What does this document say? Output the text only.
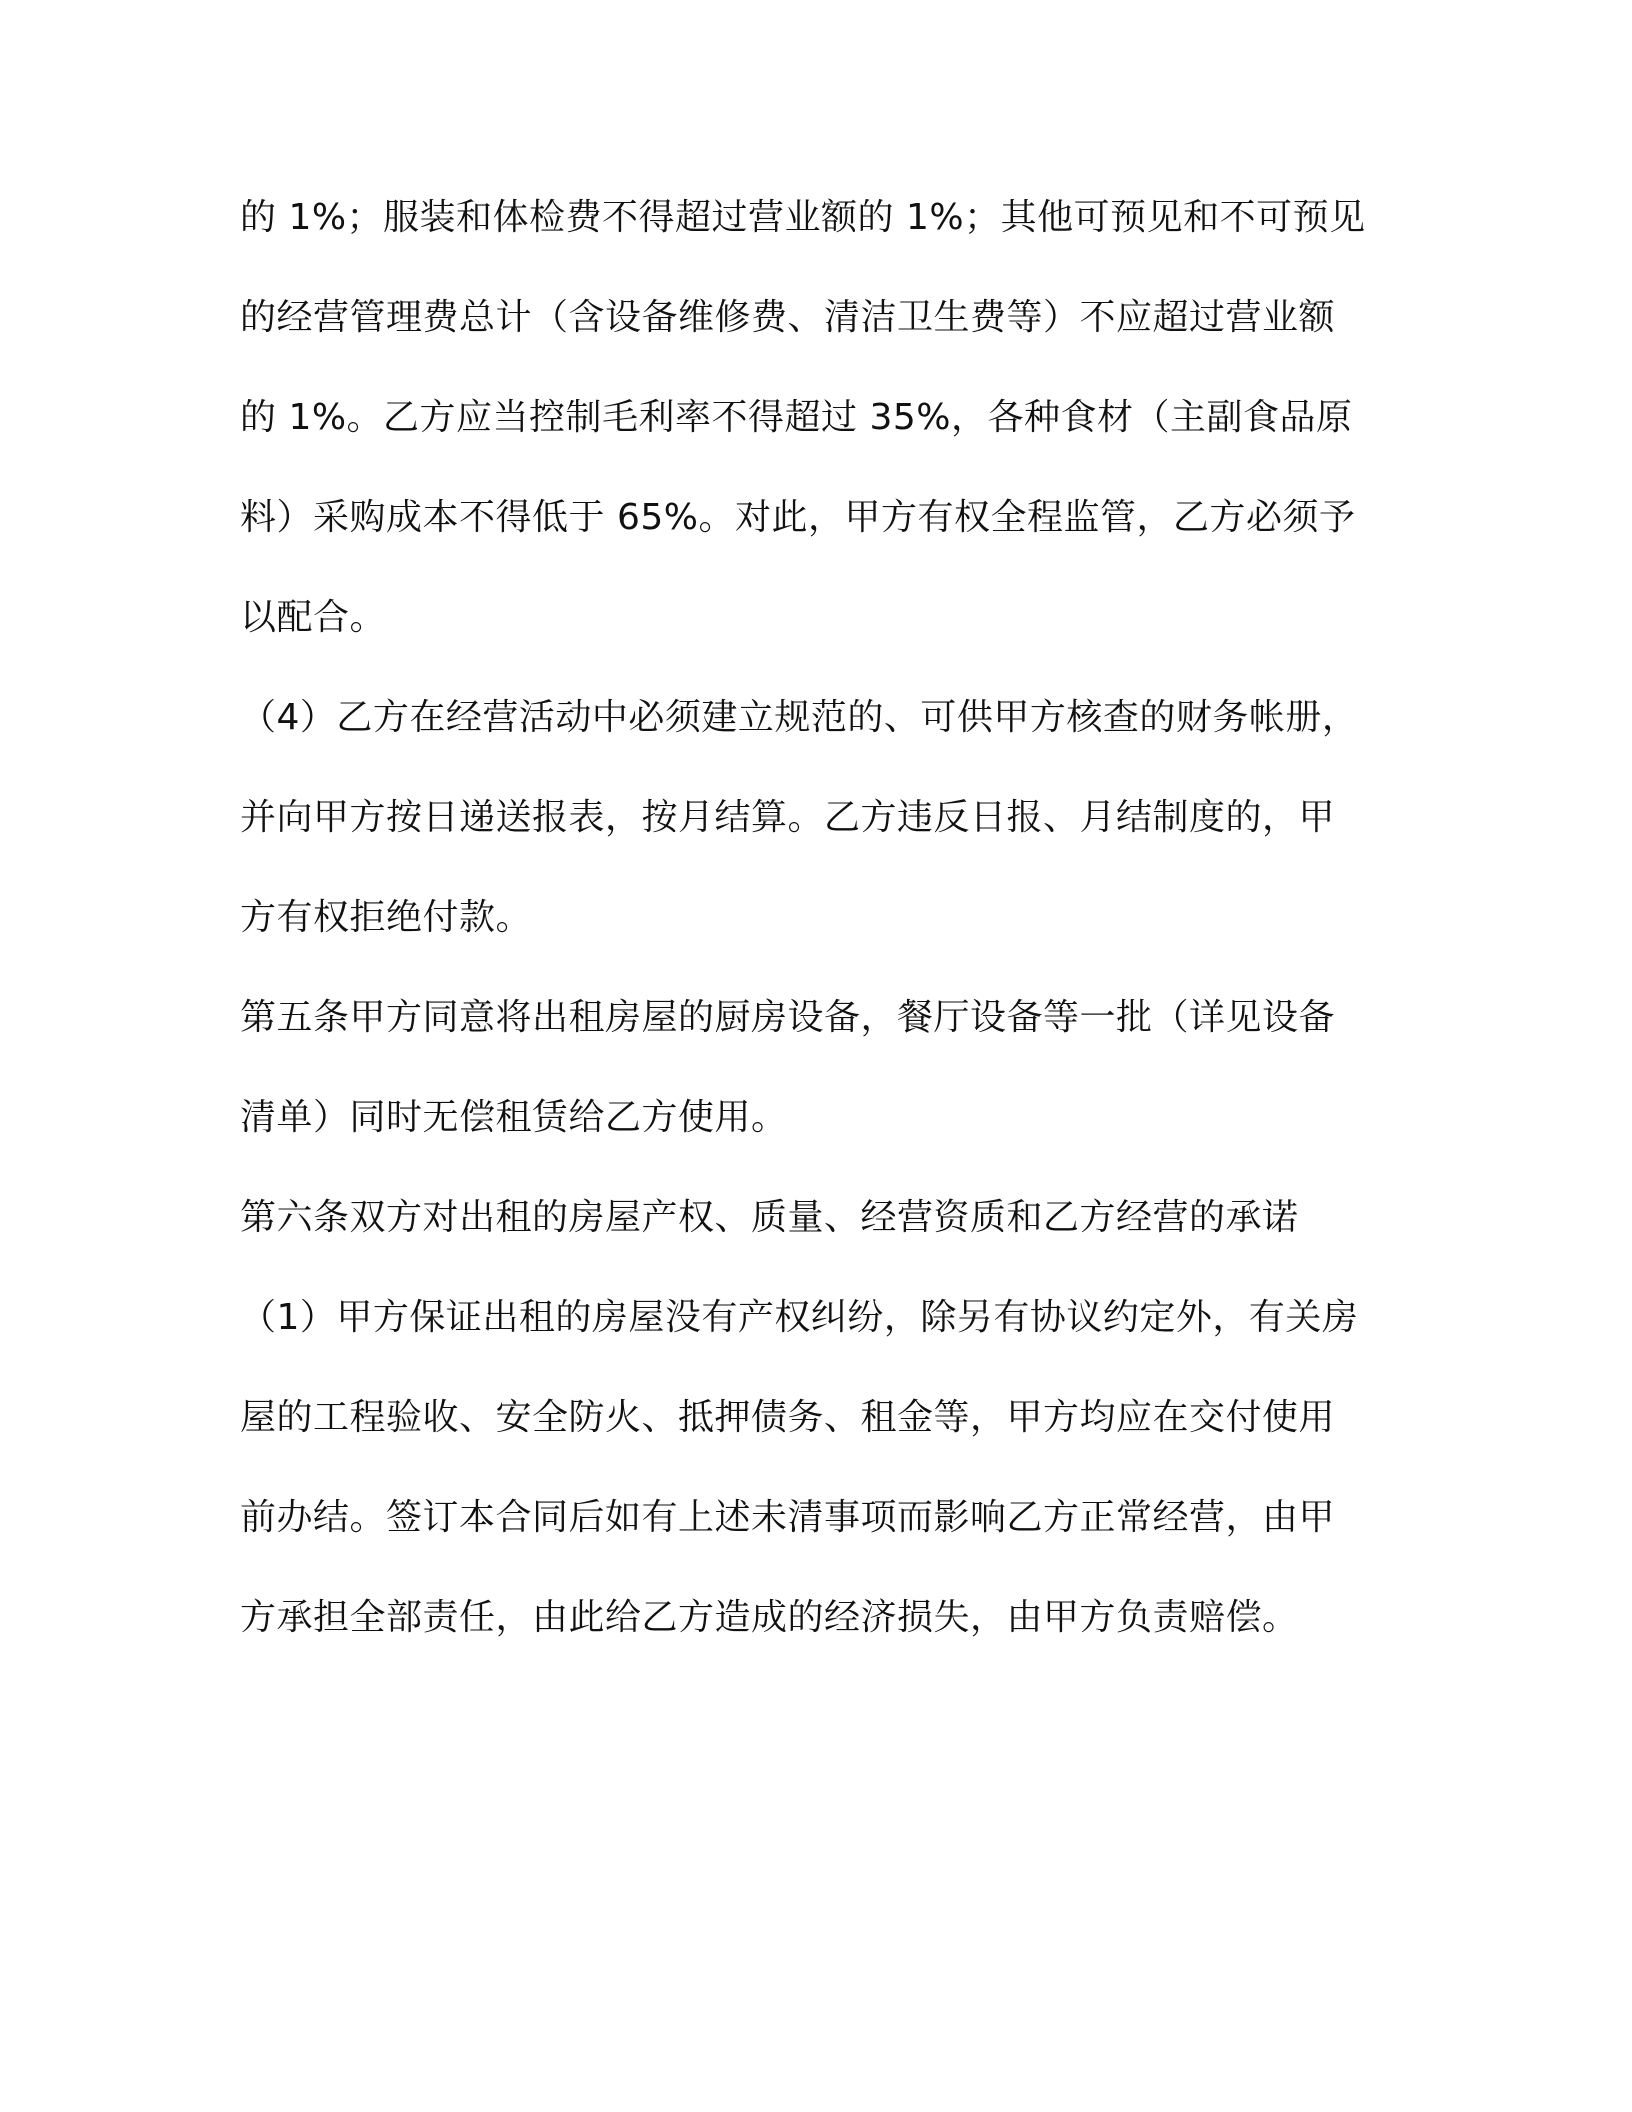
的 1%；服装和体检费不得超过营业额的 1%；其他可预见和不可预见

的经营管理费总计（含设备维修费、清洁卫生费等）不应超过营业额

的 1%。乙方应当控制毛利率不得超过 35%，各种食材（主副食品原

料）采购成本不得低于 65%。对此，甲方有权全程监管，乙方必须予

以配合。

（4）乙方在经营活动中必须建立规范的、可供甲方核查的财务帐册，

并向甲方按日递送报表，按月结算。乙方违反日报、月结制度的，甲

方有权拒绝付款。

第五条甲方同意将出租房屋的厨房设备，餐厅设备等一批（详见设备

清单）同时无偿租赁给乙方使用。

第六条双方对出租的房屋产权、质量、经营资质和乙方经营的承诺

（1）甲方保证出租的房屋没有产权纠纷，除另有协议约定外，有关房

屋的工程验收、安全防火、抵押债务、租金等，甲方均应在交付使用

前办结。签订本合同后如有上述未清事项而影响乙方正常经营，由甲

方承担全部责任，由此给乙方造成的经济损失，由甲方负责赔偿。
